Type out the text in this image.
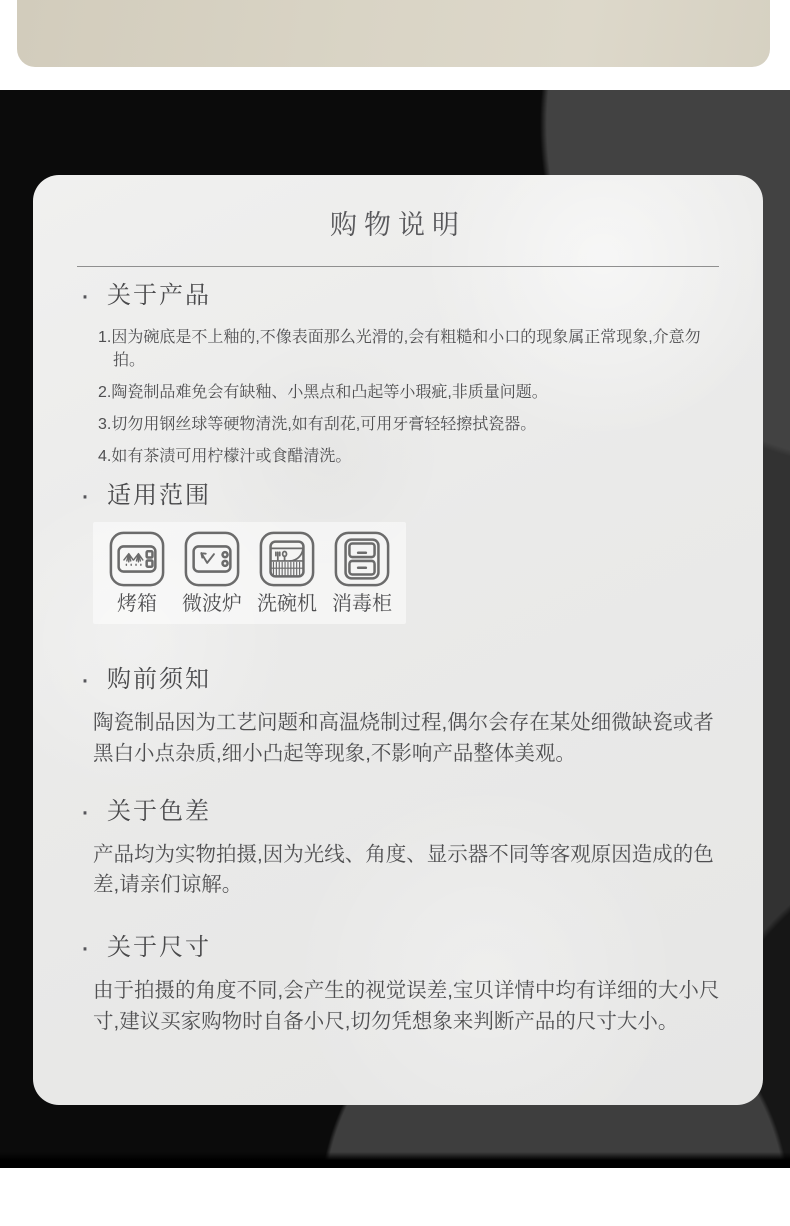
购物说明
· 关于产品
1.因为碗底是不上釉的,不像表面那么光滑的,会有粗糙和小口的现象属正常现象,介意勿拍。
2.陶瓷制品难免会有缺釉、小黑点和凸起等小瑕疵,非质量问题。
3.切勿用钢丝球等硬物清洗,如有刮花,可用牙膏轻轻擦拭瓷器。
4.如有茶渍可用柠檬汁或食醋清洗。
· 适用范围
烤箱 微波炉 洗碗机 消毒柜
· 购前须知

陶瓷制品因为工艺问题和高温烧制过程,偶尔会存在某处细微缺瓷或者黑白小点杂质,细小凸起等现象,不影响产品整体美观。

· 关于色差

产品均为实物拍摄,因为光线、角度、显示器不同等客观原因造成的色差,请亲们谅解。

· 关于尺寸

由于拍摄的角度不同,会产生的视觉误差,宝贝详情中均有详细的大小尺寸,建议买家购物时自备小尺,切勿凭想象来判断产品的尺寸大小。
